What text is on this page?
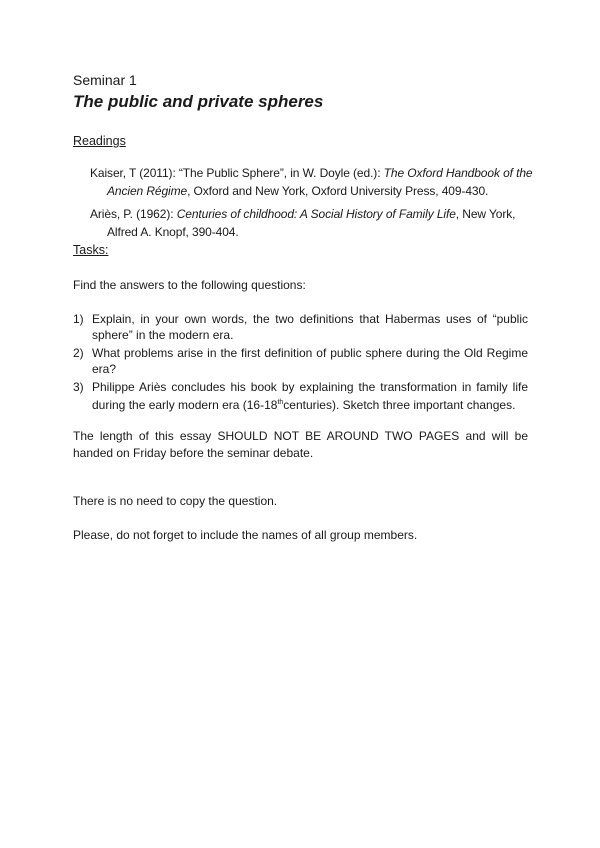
Seminar 1
The public and private spheres
Readings
Kaiser, T (2011): “The Public Sphere”, in W. Doyle (ed.): The Oxford Handbook of the Ancien Régime, Oxford and New York, Oxford University Press, 409-430.
Ariès, P. (1962): Centuries of childhood: A Social History of Family Life, New York, Alfred A. Knopf, 390-404.
Tasks:
Find the answers to the following questions:
1) Explain, in your own words, the two definitions that Habermas uses of “public sphere” in the modern era.
2) What problems arise in the first definition of public sphere during the Old Regime era?
3) Philippe Ariès concludes his book by explaining the transformation in family life during the early modern era (16-18thcenturies). Sketch three important changes.
The length of this essay SHOULD NOT BE AROUND TWO PAGES and will be handed on Friday before the seminar debate.
There is no need to copy the question.
Please, do not forget to include the names of all group members.
